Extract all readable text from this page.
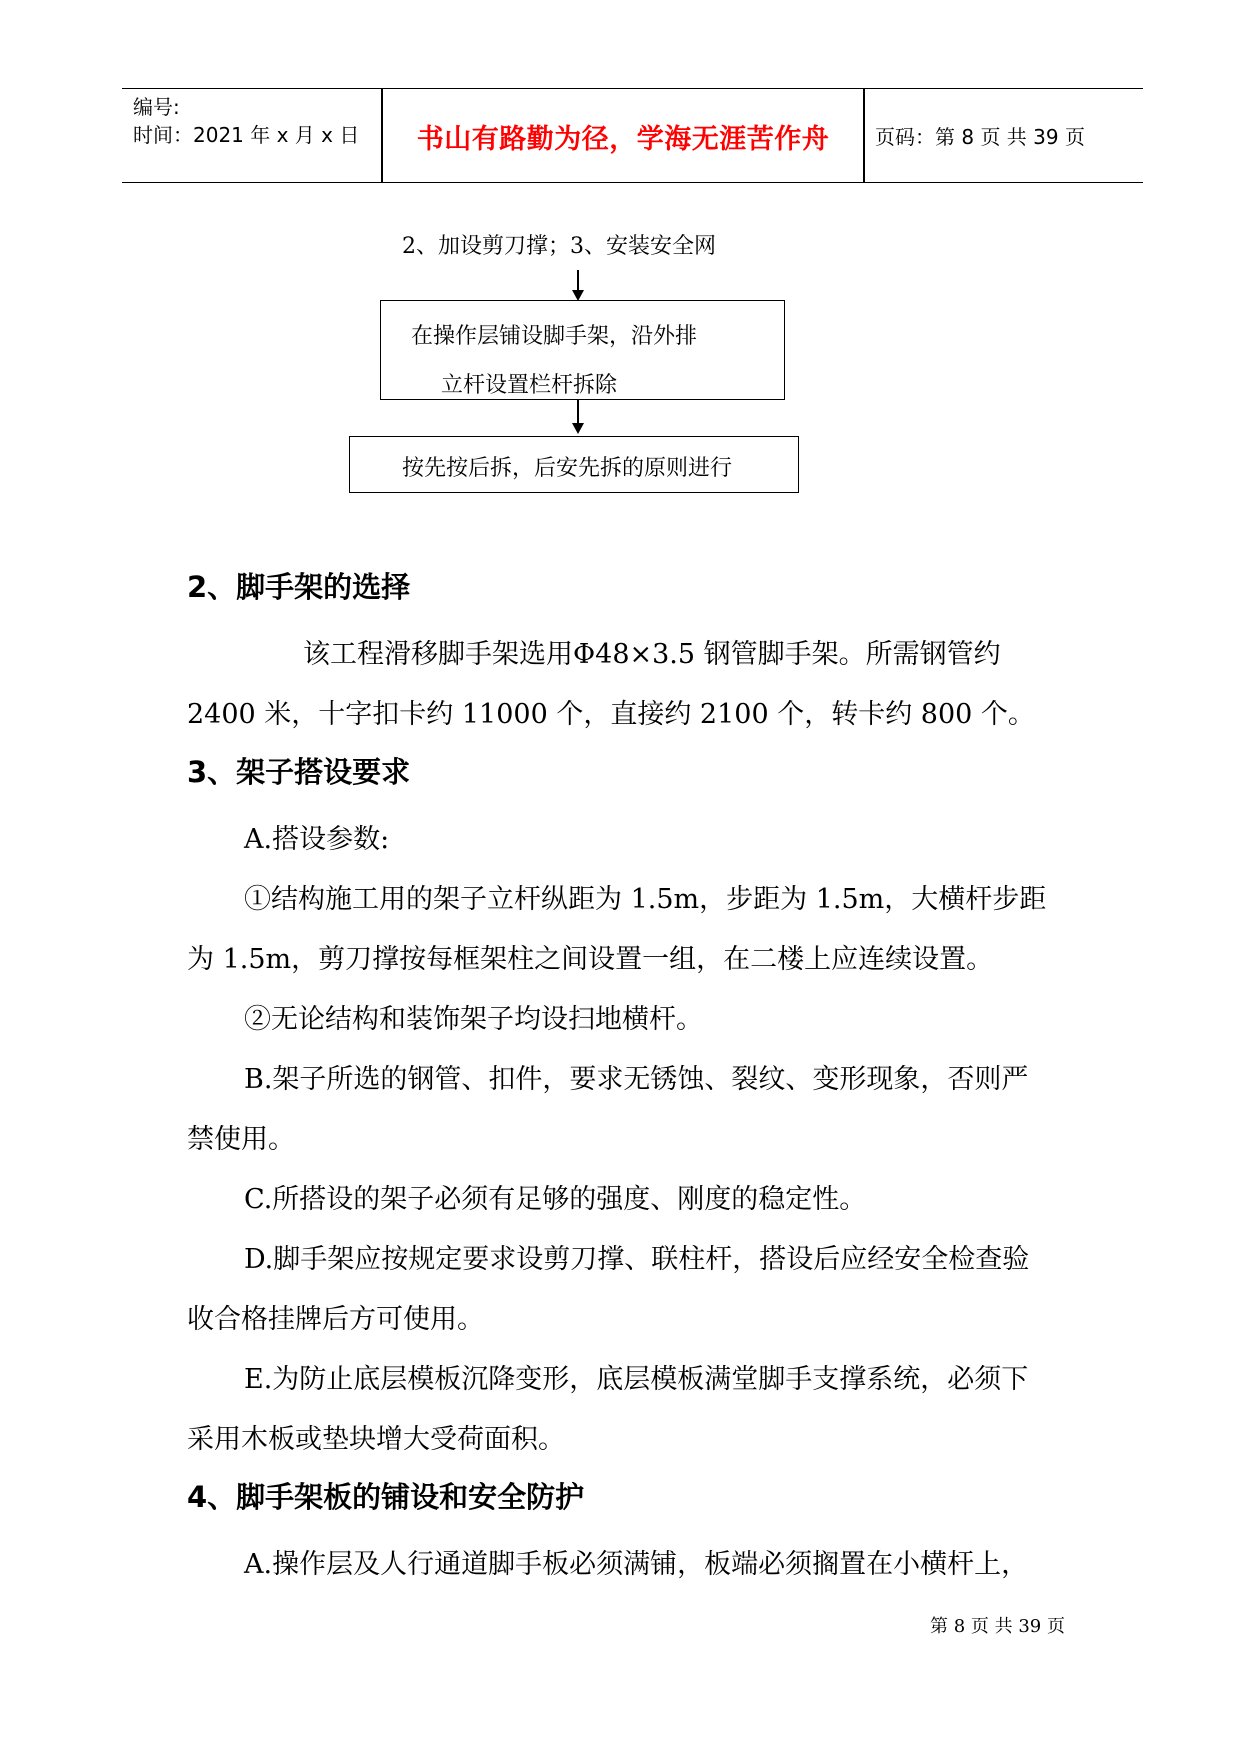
编号:
时间：2021 年 x 月 x 日	书山有路勤为径，学海无涯苦作舟	页码：第 8 页 共 39 页
2、加设剪刀撑；3、安装安全网
在操作层铺设脚手架，沿外排
立杆设置栏杆拆除
按先按后拆，后安先拆的原则进行
2、脚手架的选择
该工程滑移脚手架选用Φ48×3.5 钢管脚手架。所需钢管约
2400 米，十字扣卡约 11000 个，直接约 2100 个，转卡约 800 个。
3、架子搭设要求
A.搭设参数:
①结构施工用的架子立杆纵距为 1.5m，步距为 1.5m，大横杆步距
为 1.5m，剪刀撑按每框架柱之间设置一组，在二楼上应连续设置。
②无论结构和装饰架子均设扫地横杆。
B.架子所选的钢管、扣件，要求无锈蚀、裂纹、变形现象，否则严
禁使用。
C.所搭设的架子必须有足够的强度、刚度的稳定性。
D.脚手架应按规定要求设剪刀撑、联柱杆，搭设后应经安全检查验
收合格挂牌后方可使用。
E.为防止底层模板沉降变形，底层模板满堂脚手支撑系统，必须下
采用木板或垫块增大受荷面积。
4、脚手架板的铺设和安全防护
A.操作层及人行通道脚手板必须满铺，板端必须搁置在小横杆上，
第 8 页 共 39 页
